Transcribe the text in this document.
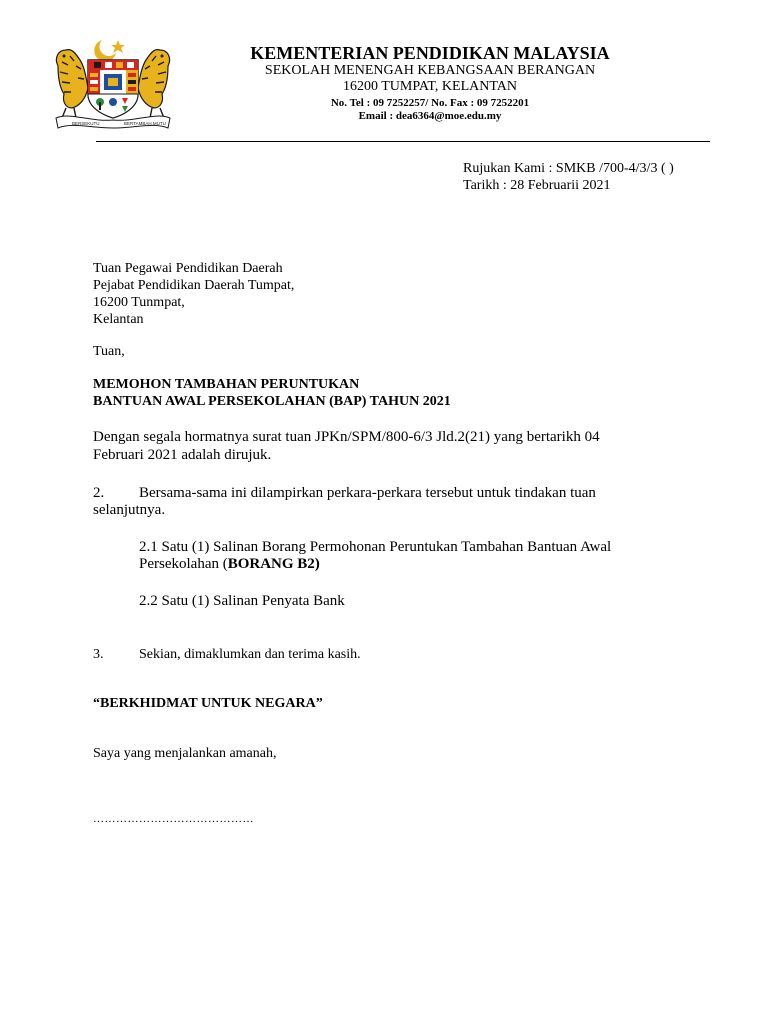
BERSEKUTU	BERTAMBAH MUTU
KEMENTERIAN PENDIDIKAN MALAYSIA
SEKOLAH MENENGAH KEBANGSAAN BERANGAN
16200 TUMPAT, KELANTAN
No. Tel : 09 7252257/ No. Fax : 09 7252201
Email : dea6364@moe.edu.my
Rujukan Kami : SMKB /700-4/3/3 ( )
Tarikh : 28 Februarii 2021
Tuan Pegawai Pendidikan Daerah
Pejabat Pendidikan Daerah Tumpat,
16200 Tunmpat,
Kelantan
Tuan,
MEMOHON TAMBAHAN PERUNTUKAN
BANTUAN AWAL PERSEKOLAHAN (BAP) TAHUN 2021
Dengan segala hormatnya surat tuan JPKn/SPM/800-6/3 Jld.2(21) yang bertarikh 04
Februari 2021 adalah dirujuk.
2. Bersama-sama ini dilampirkan perkara-perkara tersebut untuk tindakan tuan
selanjutnya.
2.1 Satu (1) Salinan Borang Permohonan Peruntukan Tambahan Bantuan Awal
Persekolahan (BORANG B2)
2.2 Satu (1) Salinan Penyata Bank
3.	Sekian, dimaklumkan dan terima kasih.
“BERKHIDMAT UNTUK NEGARA”
Saya yang menjalankan amanah,
……………………………………
